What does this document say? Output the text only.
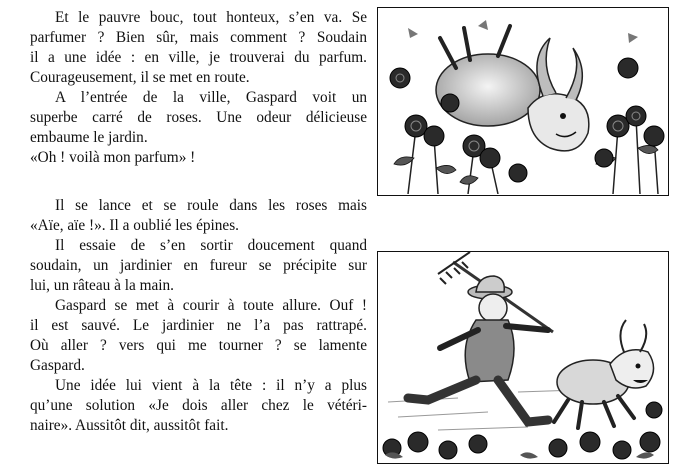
Et le pauvre bouc, tout honteux, s’en va. Se
parfumer ? Bien sûr, mais comment ? Soudain
il a une idée : en ville, je trouverai du parfum.
Courageusement, il se met en route.
A l’entrée de la ville, Gaspard voit un
superbe carré de roses. Une odeur délicieuse
embaume le jardin.
«Oh ! voilà mon parfum» !
Il se lance et se roule dans les roses mais
«Aïe, aïe !». Il a oublié les épines.
Il essaie de s’en sortir doucement quand
soudain, un jardinier en fureur se précipite sur
lui, un râteau à la main.
Gaspard se met à courir à toute allure. Ouf !
il est sauvé. Le jardinier ne l’a pas rattrapé.
Où aller ? vers qui me tourner ? se lamente
Gaspard.
Une idée lui vient à la tête : il n’y a plus
qu’une solution «Je dois aller chez le vétéri-
naire». Aussitôt dit, aussitôt fait.
